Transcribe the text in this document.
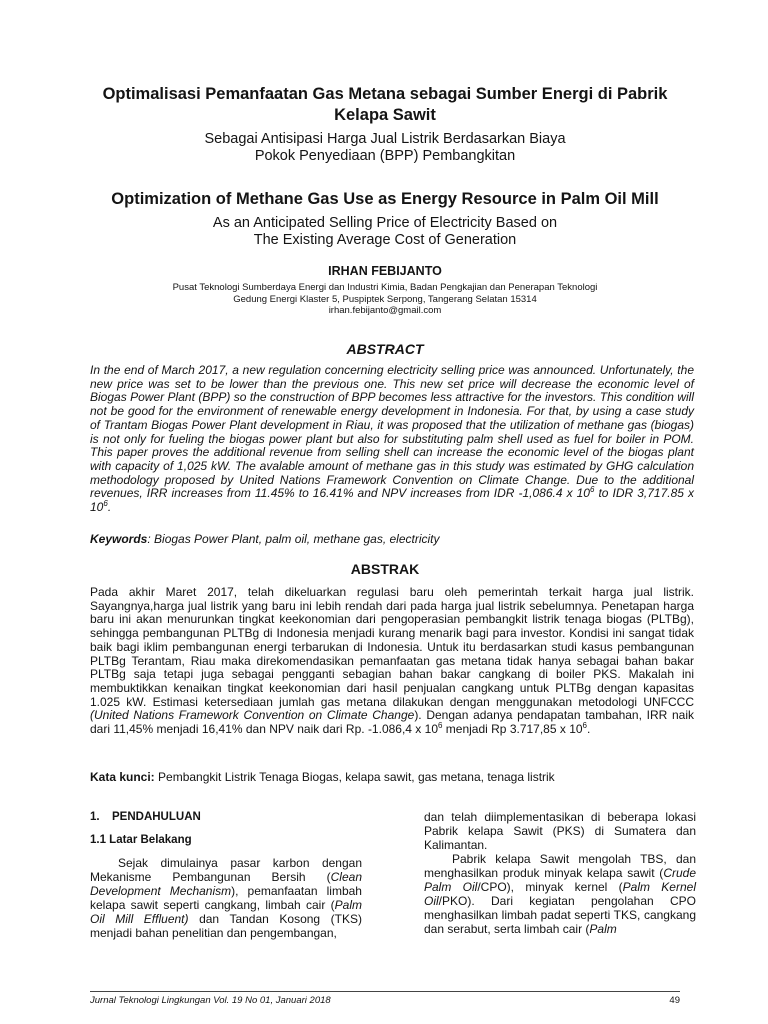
Optimalisasi Pemanfaatan Gas Metana sebagai Sumber Energi di Pabrik Kelapa Sawit
Sebagai Antisipasi Harga Jual Listrik Berdasarkan Biaya
Pokok Penyediaan (BPP) Pembangkitan
Optimization of Methane Gas Use as Energy Resource in Palm Oil Mill
As an Anticipated Selling Price of Electricity Based on
The Existing Average Cost of Generation
IRHAN FEBIJANTO
Pusat Teknologi Sumberdaya Energi dan Industri Kimia, Badan Pengkajian dan Penerapan Teknologi
Gedung Energi Klaster 5, Puspiptek Serpong, Tangerang Selatan 15314
irhan.febijanto@gmail.com
ABSTRACT
In the end of March 2017, a new regulation concerning electricity selling price was announced. Unfortunately, the new price was set to be lower than the previous one. This new set price will decrease the economic level of Biogas Power Plant (BPP) so the construction of BPP becomes less attractive for the investors. This condition will not be good for the environment of renewable energy development in Indonesia. For that, by using a case study of Trantam Biogas Power Plant development in Riau, it was proposed that the utilization of methane gas (biogas) is not only for fueling the biogas power plant but also for substituting palm shell used as fuel for boiler in POM. This paper proves the additional revenue from selling shell can increase the economic level of the biogas plant with capacity of 1,025 kW. The avalable amount of methane gas in this study was estimated by GHG calculation methodology proposed by United Nations Framework Convention on Climate Change. Due to the additional revenues, IRR increases from 11.45% to 16.41% and NPV increases from IDR -1,086.4 x $10^6$ to IDR 3,717.85 x $10^6$.
Keywords: Biogas Power Plant, palm oil, methane gas, electricity
ABSTRAK
Pada akhir Maret 2017, telah dikeluarkan regulasi baru oleh pemerintah terkait harga jual listrik. Sayangnya,harga jual listrik yang baru ini lebih rendah dari pada harga jual listrik sebelumnya. Penetapan harga baru ini akan menurunkan tingkat keekonomian dari pengoperasian pembangkit listrik tenaga biogas (PLTBg), sehingga pembangunan PLTBg di Indonesia menjadi kurang menarik bagi para investor. Kondisi ini sangat tidak baik bagi iklim pembangunan energi terbarukan di Indonesia. Untuk itu berdasarkan studi kasus pembangunan PLTBg Terantam, Riau maka direkomendasikan pemanfaatan gas metana tidak hanya sebagai bahan bakar PLTBg saja tetapi juga sebagai pengganti sebagian bahan bakar cangkang di boiler PKS. Makalah ini membuktikkan kenaikan tingkat keekonomian dari hasil penjualan cangkang untuk PLTBg dengan kapasitas 1.025 kW. Estimasi ketersediaan jumlah gas metana dilakukan dengan menggunakan metodologi UNFCCC (United Nations Framework Convention on Climate Change). Dengan adanya pendapatan tambahan, IRR naik dari 11,45% menjadi 16,41% dan NPV naik dari Rp. -1.086,4 x $10^6$ menjadi Rp 3.717,85 x $10^6$.
Kata kunci: Pembangkit Listrik Tenaga Biogas, kelapa sawit, gas metana, tenaga listrik
1. PENDAHULUAN
1.1 Latar Belakang

Sejak dimulainya pasar karbon dengan Mekanisme Pembangunan Bersih (Clean Development Mechanism), pemanfaatan limbah kelapa sawit seperti cangkang, limbah cair (Palm Oil Mill Effluent) dan Tandan Kosong (TKS) menjadi bahan penelitian dan pengembangan,

dan telah diimplementasikan di beberapa lokasi Pabrik kelapa Sawit (PKS) di Sumatera dan Kalimantan.

Pabrik kelapa Sawit mengolah TBS, dan menghasilkan produk minyak kelapa sawit (Crude Palm Oil/CPO), minyak kernel (Palm Kernel Oil/PKO). Dari kegiatan pengolahan CPO menghasilkan limbah padat seperti TKS, cangkang dan serabut, serta limbah cair (Palm

Jurnal Teknologi Lingkungan Vol. 19 No 01, Januari 2018	49
